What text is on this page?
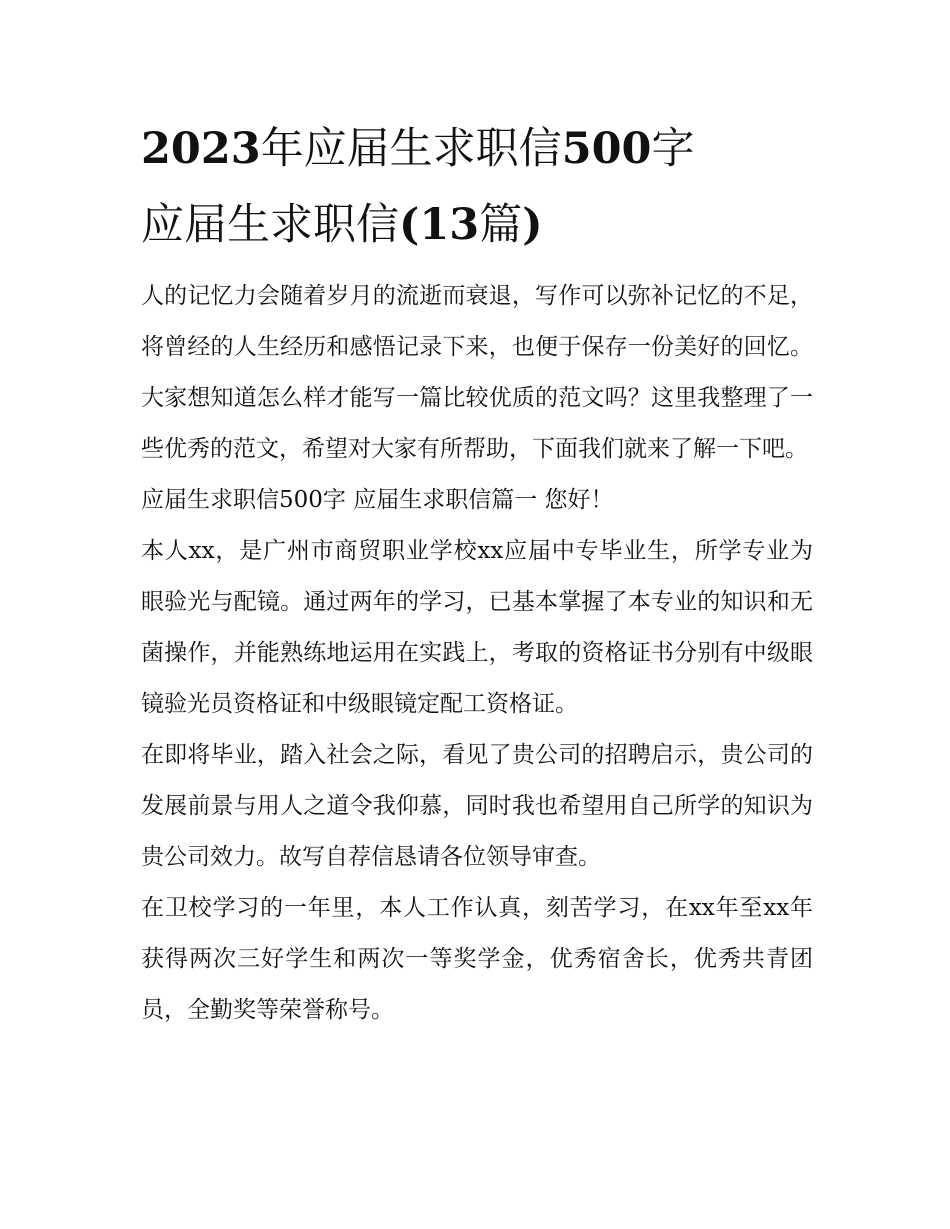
2023年应届生求职信500字
应届生求职信(13篇)

人的记忆力会随着岁月的流逝而衰退，写作可以弥补记忆的不足，将曾经的人生经历和感悟记录下来，也便于保存一份美好的回忆。大家想知道怎么样才能写一篇比较优质的范文吗？这里我整理了一些优秀的范文，希望对大家有所帮助，下面我们就来了解一下吧。

应届生求职信500字 应届生求职信篇一 您好！

本人xx，是广州市商贸职业学校xx应届中专毕业生，所学专业为眼验光与配镜。通过两年的学习，已基本掌握了本专业的知识和无菌操作，并能熟练地运用在实践上，考取的资格证书分别有中级眼镜验光员资格证和中级眼镜定配工资格证。

在即将毕业，踏入社会之际，看见了贵公司的招聘启示，贵公司的发展前景与用人之道令我仰慕，同时我也希望用自己所学的知识为贵公司效力。故写自荐信恳请各位领导审查。

在卫校学习的一年里，本人工作认真，刻苦学习，在xx年至xx年获得两次三好学生和两次一等奖学金，优秀宿舍长，优秀共青团员，全勤奖等荣誉称号。
